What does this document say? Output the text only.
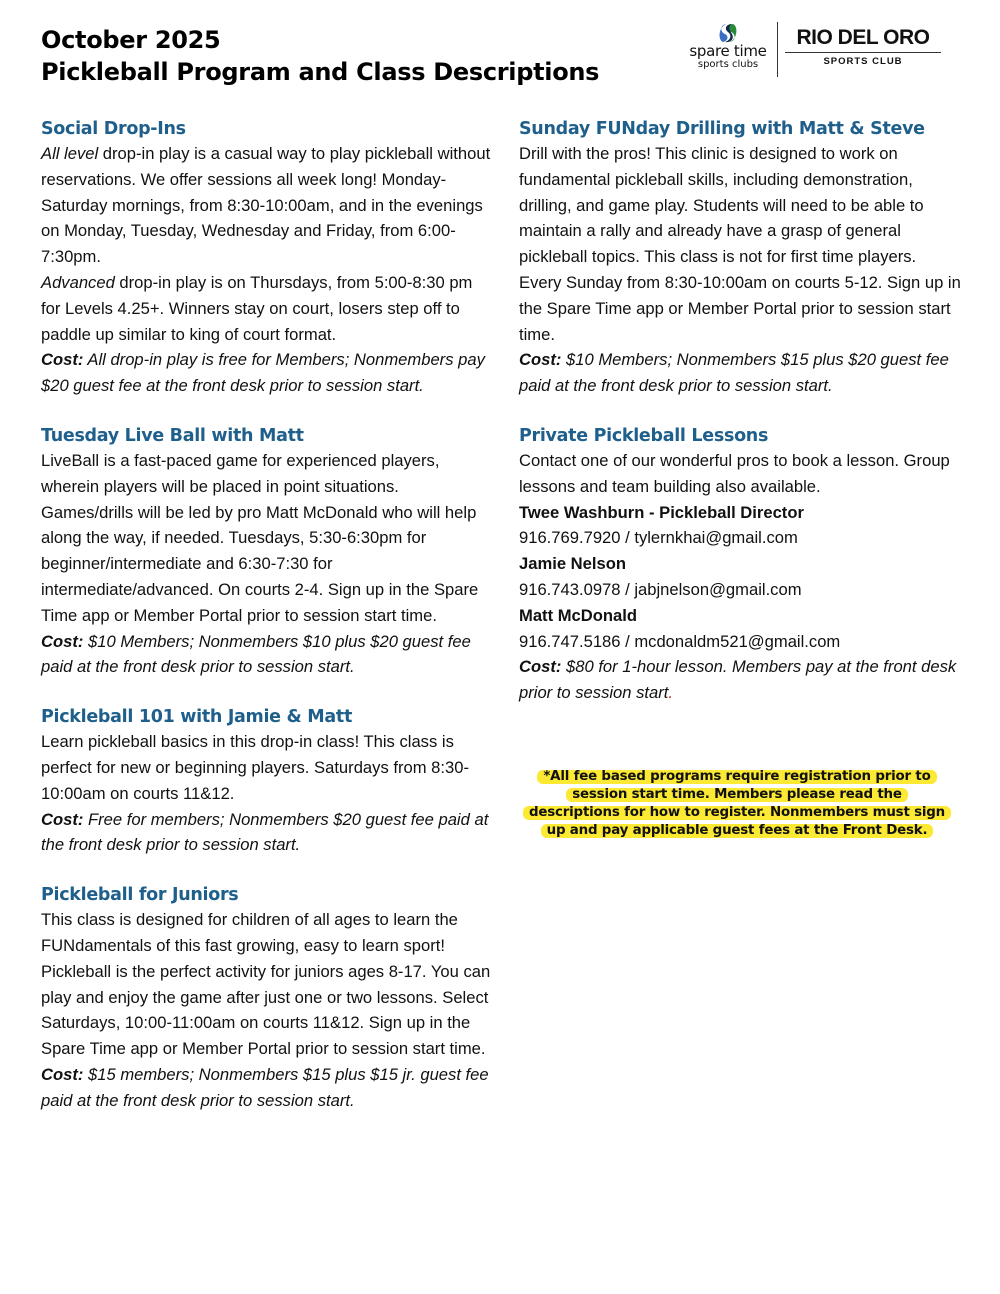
October 2025
Pickleball Program and Class Descriptions
spare time
sports clubs
RIO DEL ORO
SPORTS CLUB
Social Drop-Ins
All level drop-in play is a casual way to play pickleball without reservations. We offer sessions all week long! Monday-Saturday mornings, from 8:30-10:00am, and in the evenings on Monday, Tuesday, Wednesday and Friday, from 6:00-7:30pm.
Advanced drop-in play is on Thursdays, from 5:00-8:30 pm for Levels 4.25+. Winners stay on court, losers step off to paddle up similar to king of court format.
Cost: All drop-in play is free for Members; Nonmembers pay $20 guest fee at the front desk prior to session start.
Tuesday Live Ball with Matt
LiveBall is a fast-paced game for experienced players, wherein players will be placed in point situations. Games/drills will be led by pro Matt McDonald who will help along the way, if needed. Tuesdays, 5:30-6:30pm for beginner/intermediate and 6:30-7:30 for intermediate/advanced. On courts 2-4. Sign up in the Spare Time app or Member Portal prior to session start time.
Cost: $10 Members; Nonmembers $10 plus $20 guest fee paid at the front desk prior to session start.
Pickleball 101 with Jamie & Matt
Learn pickleball basics in this drop-in class! This class is perfect for new or beginning players. Saturdays from 8:30-10:00am on courts 11&12.
Cost: Free for members; Nonmembers $20 guest fee paid at the front desk prior to session start.
Pickleball for Juniors
This class is designed for children of all ages to learn the FUNdamentals of this fast growing, easy to learn sport! Pickleball is the perfect activity for juniors ages 8-17. You can play and enjoy the game after just one or two lessons. Select Saturdays, 10:00-11:00am on courts 11&12. Sign up in the Spare Time app or Member Portal prior to session start time.
Cost: $15 members; Nonmembers $15 plus $15 jr. guest fee paid at the front desk prior to session start.
Sunday FUNday Drilling with Matt & Steve
Drill with the pros! This clinic is designed to work on fundamental pickleball skills, including demonstration, drilling, and game play. Students will need to be able to maintain a rally and already have a grasp of general pickleball topics. This class is not for first time players.
Every Sunday from 8:30-10:00am on courts 5-12. Sign up in the Spare Time app or Member Portal prior to session start time.
Cost: $10 Members; Nonmembers $15 plus $20 guest fee paid at the front desk prior to session start.
Private Pickleball Lessons
Contact one of our wonderful pros to book a lesson. Group lessons and team building also available.
Twee Washburn - Pickleball Director
916.769.7920 / tylernkhai@gmail.com
Jamie Nelson
916.743.0978 / jabjnelson@gmail.com
Matt McDonald
916.747.5186 / mcdonaldm521@gmail.com
Cost: $80 for 1-hour lesson. Members pay at the front desk prior to session start.
*All fee based programs require registration prior to
session start time. Members please read the
descriptions for how to register. Nonmembers must sign
up and pay applicable guest fees at the Front Desk.
